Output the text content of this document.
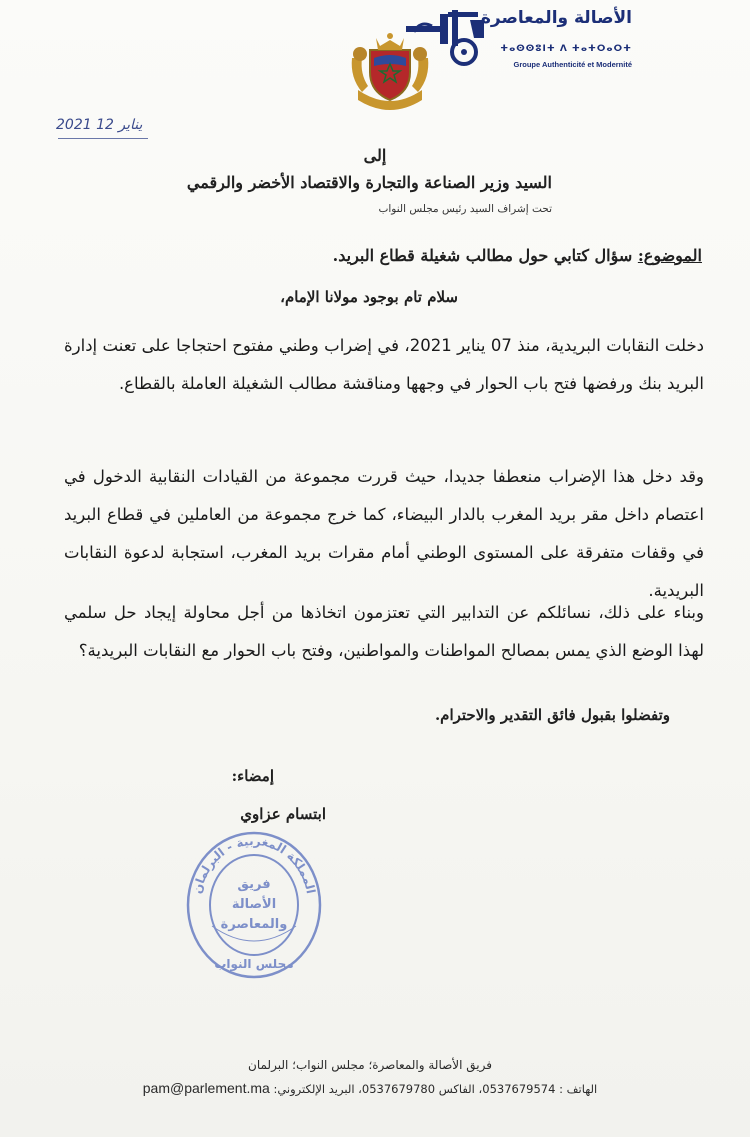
الأصالة والمعاصرة
ⵜⴰⵙⵙⵓⵏⵜ ⴷ ⵜⴰⵜⵔⴰⵔⵜ
Groupe Authenticité et Modernité
2021 يناير 12
إلى
السيد وزير الصناعة والتجارة والاقتصاد الأخضر والرقمي
تحت إشراف السيد رئيس مجلس النواب
الموضوع: سؤال كتابي حول مطالب شغيلة قطاع البريد.
سلام تام بوجود مولانا الإمام،
دخلت النقابات البريدية، منذ 07 يناير 2021، في إضراب وطني مفتوح احتجاجا على تعنت إدارة البريد بنك ورفضها فتح باب الحوار في وجهها ومناقشة مطالب الشغيلة العاملة بالقطاع.
وقد دخل هذا الإضراب منعطفا جديدا، حيث قررت مجموعة من القيادات النقابية الدخول في اعتصام داخل مقر بريد المغرب بالدار البيضاء، كما خرج مجموعة من العاملين في قطاع البريد في وقفات متفرقة على المستوى الوطني أمام مقرات بريد المغرب، استجابة لدعوة النقابات البريدية.
وبناء على ذلك، نسائلكم عن التدابير التي تعتزمون اتخاذها من أجل محاولة إيجاد حل سلمي لهذا الوضع الذي يمس بمصالح المواطنات والمواطنين، وفتح باب الحوار مع النقابات البريدية؟
وتفضلوا بقبول فائق التقدير والاحترام.
إمضاء:
ابتسام عزاوي
المملكة المغربية - البرلمان
مجلس النواب
فريق الأصالة والمعاصرة
فريق الأصالة والمعاصرة؛ مجلس النواب؛ البرلمان
الهاتف : 0537679574، الفاكس 0537679780، البريد الإلكتروني: pam@parlement.ma
